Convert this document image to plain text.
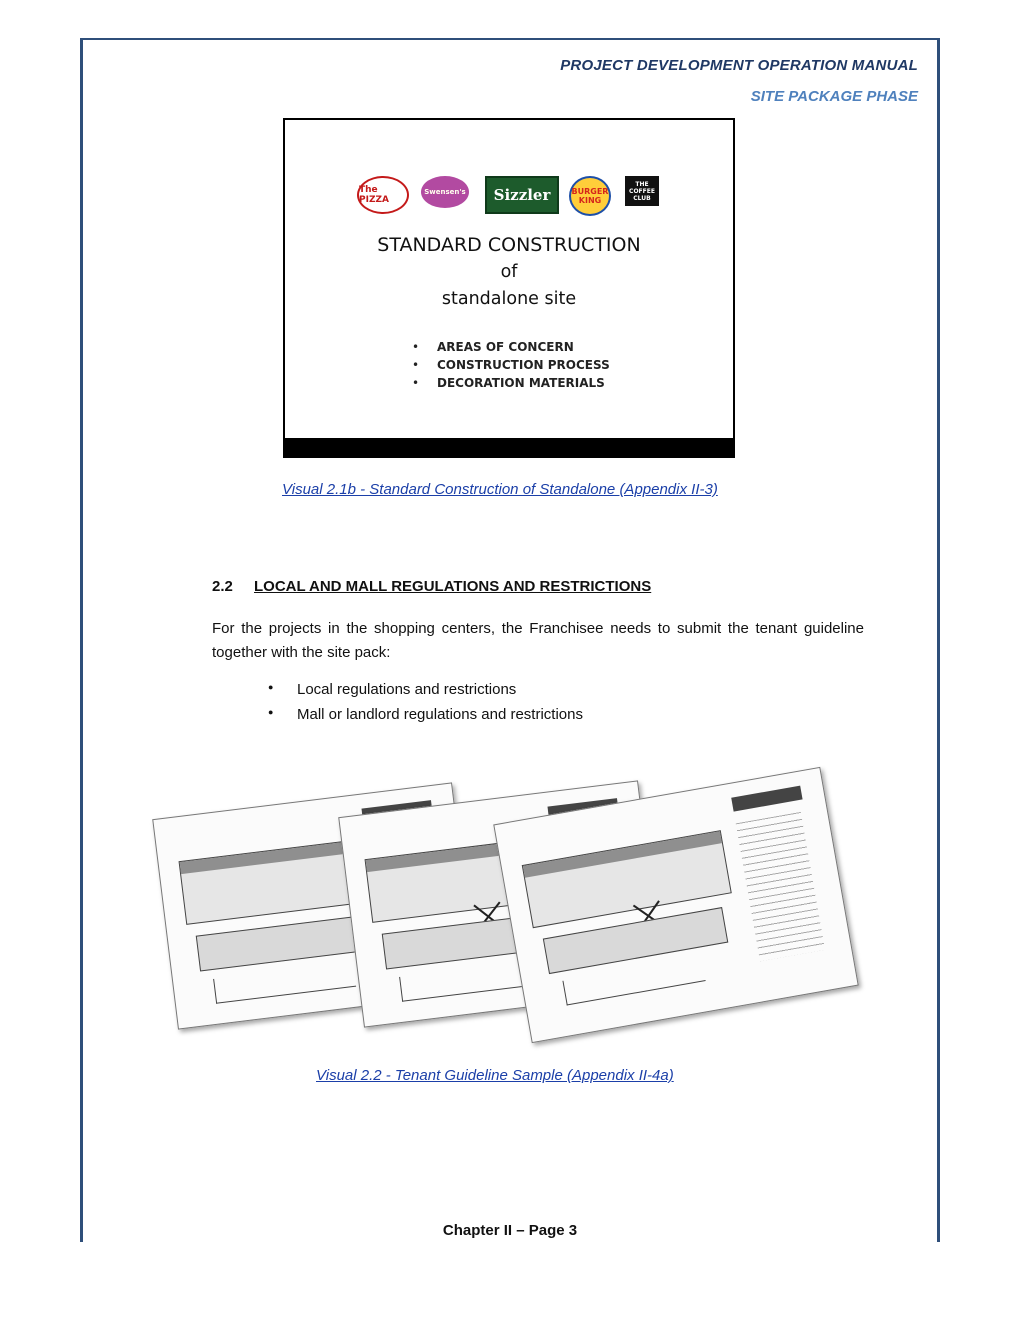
PROJECT DEVELOPMENT OPERATION MANUAL
SITE PACKAGE PHASE
The PIZZA
Swensen's	Sizzler	BURGER KING
THE COFFEE CLUB
STANDARD CONSTRUCTION
of
standalone site
• AREAS OF CONCERN
• CONSTRUCTION PROCESS
• DECORATION MATERIALS
Visual 2.1b - Standard Construction of Standalone (Appendix II-3)
2.2 LOCAL AND MALL REGULATIONS AND RESTRICTIONS
For the projects in the shopping centers, the Franchisee needs to submit the tenant guideline together with the site pack:
● Local regulations and restrictions
● Mall or landlord regulations and restrictions
Visual 2.2 - Tenant Guideline Sample (Appendix II-4a)
Chapter II – Page 3
